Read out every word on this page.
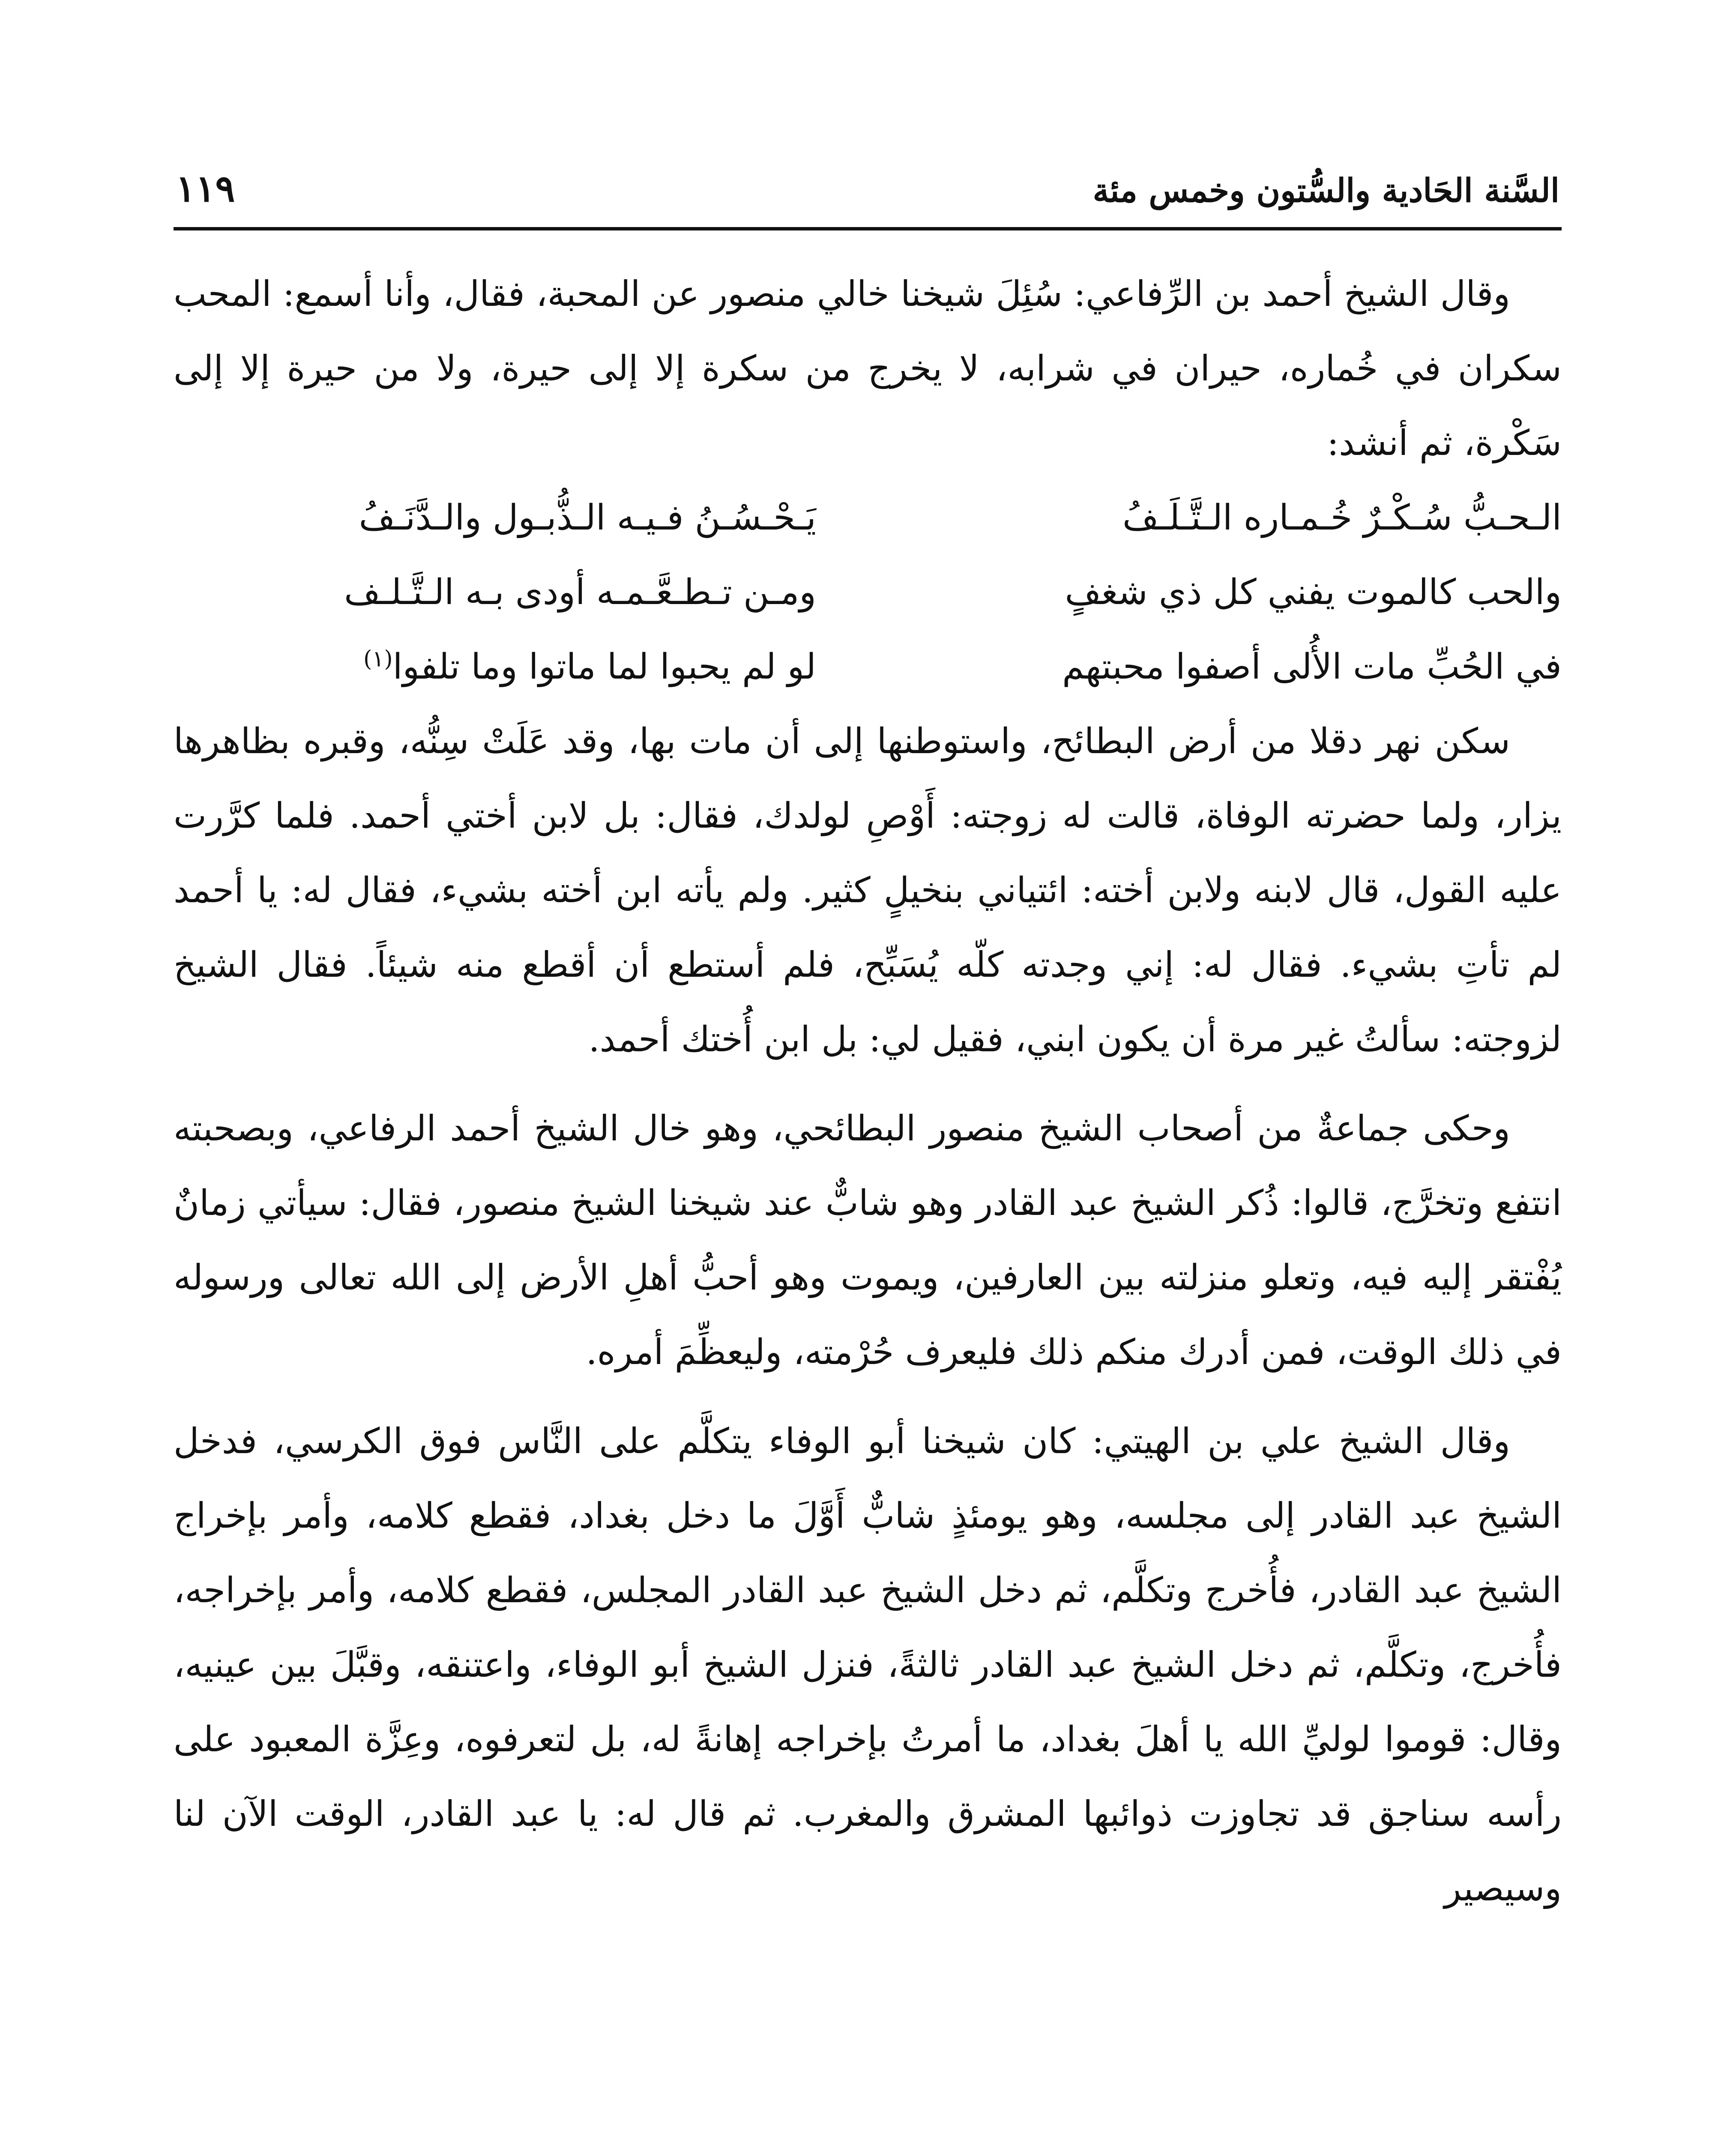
السَّنة الحَادية والسُّتون وخمس مئة
١١٩

وقال الشيخ أحمد بن الرِّفاعي: سُئِلَ شيخنا خالي منصور عن المحبة، فقال، وأنا أسمع: المحب سكران في خُماره، حيران في شرابه، لا يخرج من سكرة إلا إلى حيرة، ولا من حيرة إلا إلى سَكْرة، ثم أنشد:

الـحـبُّ سُـكْـرٌ خُـمـاره الـتَّـلَـفُ
يَـحْـسُـنُ فـيـه الـذُّبـول والـدَّنَـفُ
والحب كالموت يفني كل ذي شغفٍ
ومـن تـطـعَّـمـه أودى بـه الـتَّـلـف
في الحُبِّ مات الأُلى أصفوا محبتهم
لو لم يحبوا لما ماتوا وما تلفوا$^{(١)}$

سكن نهر دقلا من أرض البطائح، واستوطنها إلى أن مات بها، وقد عَلَتْ سِنُّه، وقبره بظاهرها يزار، ولما حضرته الوفاة، قالت له زوجته: أَوْصِ لولدك، فقال: بل لابن أختي أحمد. فلما كرَّرت عليه القول، قال لابنه ولابن أخته: ائتياني بنخيلٍ كثير. ولم يأته ابن أخته بشيء، فقال له: يا أحمد لم تأتِ بشيء. فقال له: إني وجدته كلّه يُسَبِّح، فلم أستطع أن أقطع منه شيئاً. فقال الشيخ لزوجته: سألتُ غير مرة أن يكون ابني، فقيل لي: بل ابن أُختك أحمد.

وحكى جماعةٌ من أصحاب الشيخ منصور البطائحي، وهو خال الشيخ أحمد الرفاعي، وبصحبته انتفع وتخرَّج، قالوا: ذُكر الشيخ عبد القادر وهو شابٌّ عند شيخنا الشيخ منصور، فقال: سيأتي زمانٌ يُفْتقر إليه فيه، وتعلو منزلته بين العارفين، ويموت وهو أحبُّ أهلِ الأرض إلى الله تعالى ورسوله في ذلك الوقت، فمن أدرك منكم ذلك فليعرف حُرْمته، وليعظِّمَ أمره.

وقال الشيخ علي بن الهيتي: كان شيخنا أبو الوفاء يتكلَّم على النَّاس فوق الكرسي، فدخل الشيخ عبد القادر إلى مجلسه، وهو يومئذٍ شابٌّ أَوَّلَ ما دخل بغداد، فقطع كلامه، وأمر بإخراج الشيخ عبد القادر، فأُخرج وتكلَّم، ثم دخل الشيخ عبد القادر المجلس، فقطع كلامه، وأمر بإخراجه، فأُخرج، وتكلَّم، ثم دخل الشيخ عبد القادر ثالثةً، فنزل الشيخ أبو الوفاء، واعتنقه، وقبَّلَ بين عينيه، وقال: قوموا لوليِّ الله يا أهلَ بغداد، ما أمرتُ بإخراجه إهانةً له، بل لتعرفوه، وعِزَّة المعبود على رأسه سناجق قد تجاوزت ذوائبها المشرق والمغرب. ثم قال له: يا عبد القادر، الوقت الآن لنا وسيصير
